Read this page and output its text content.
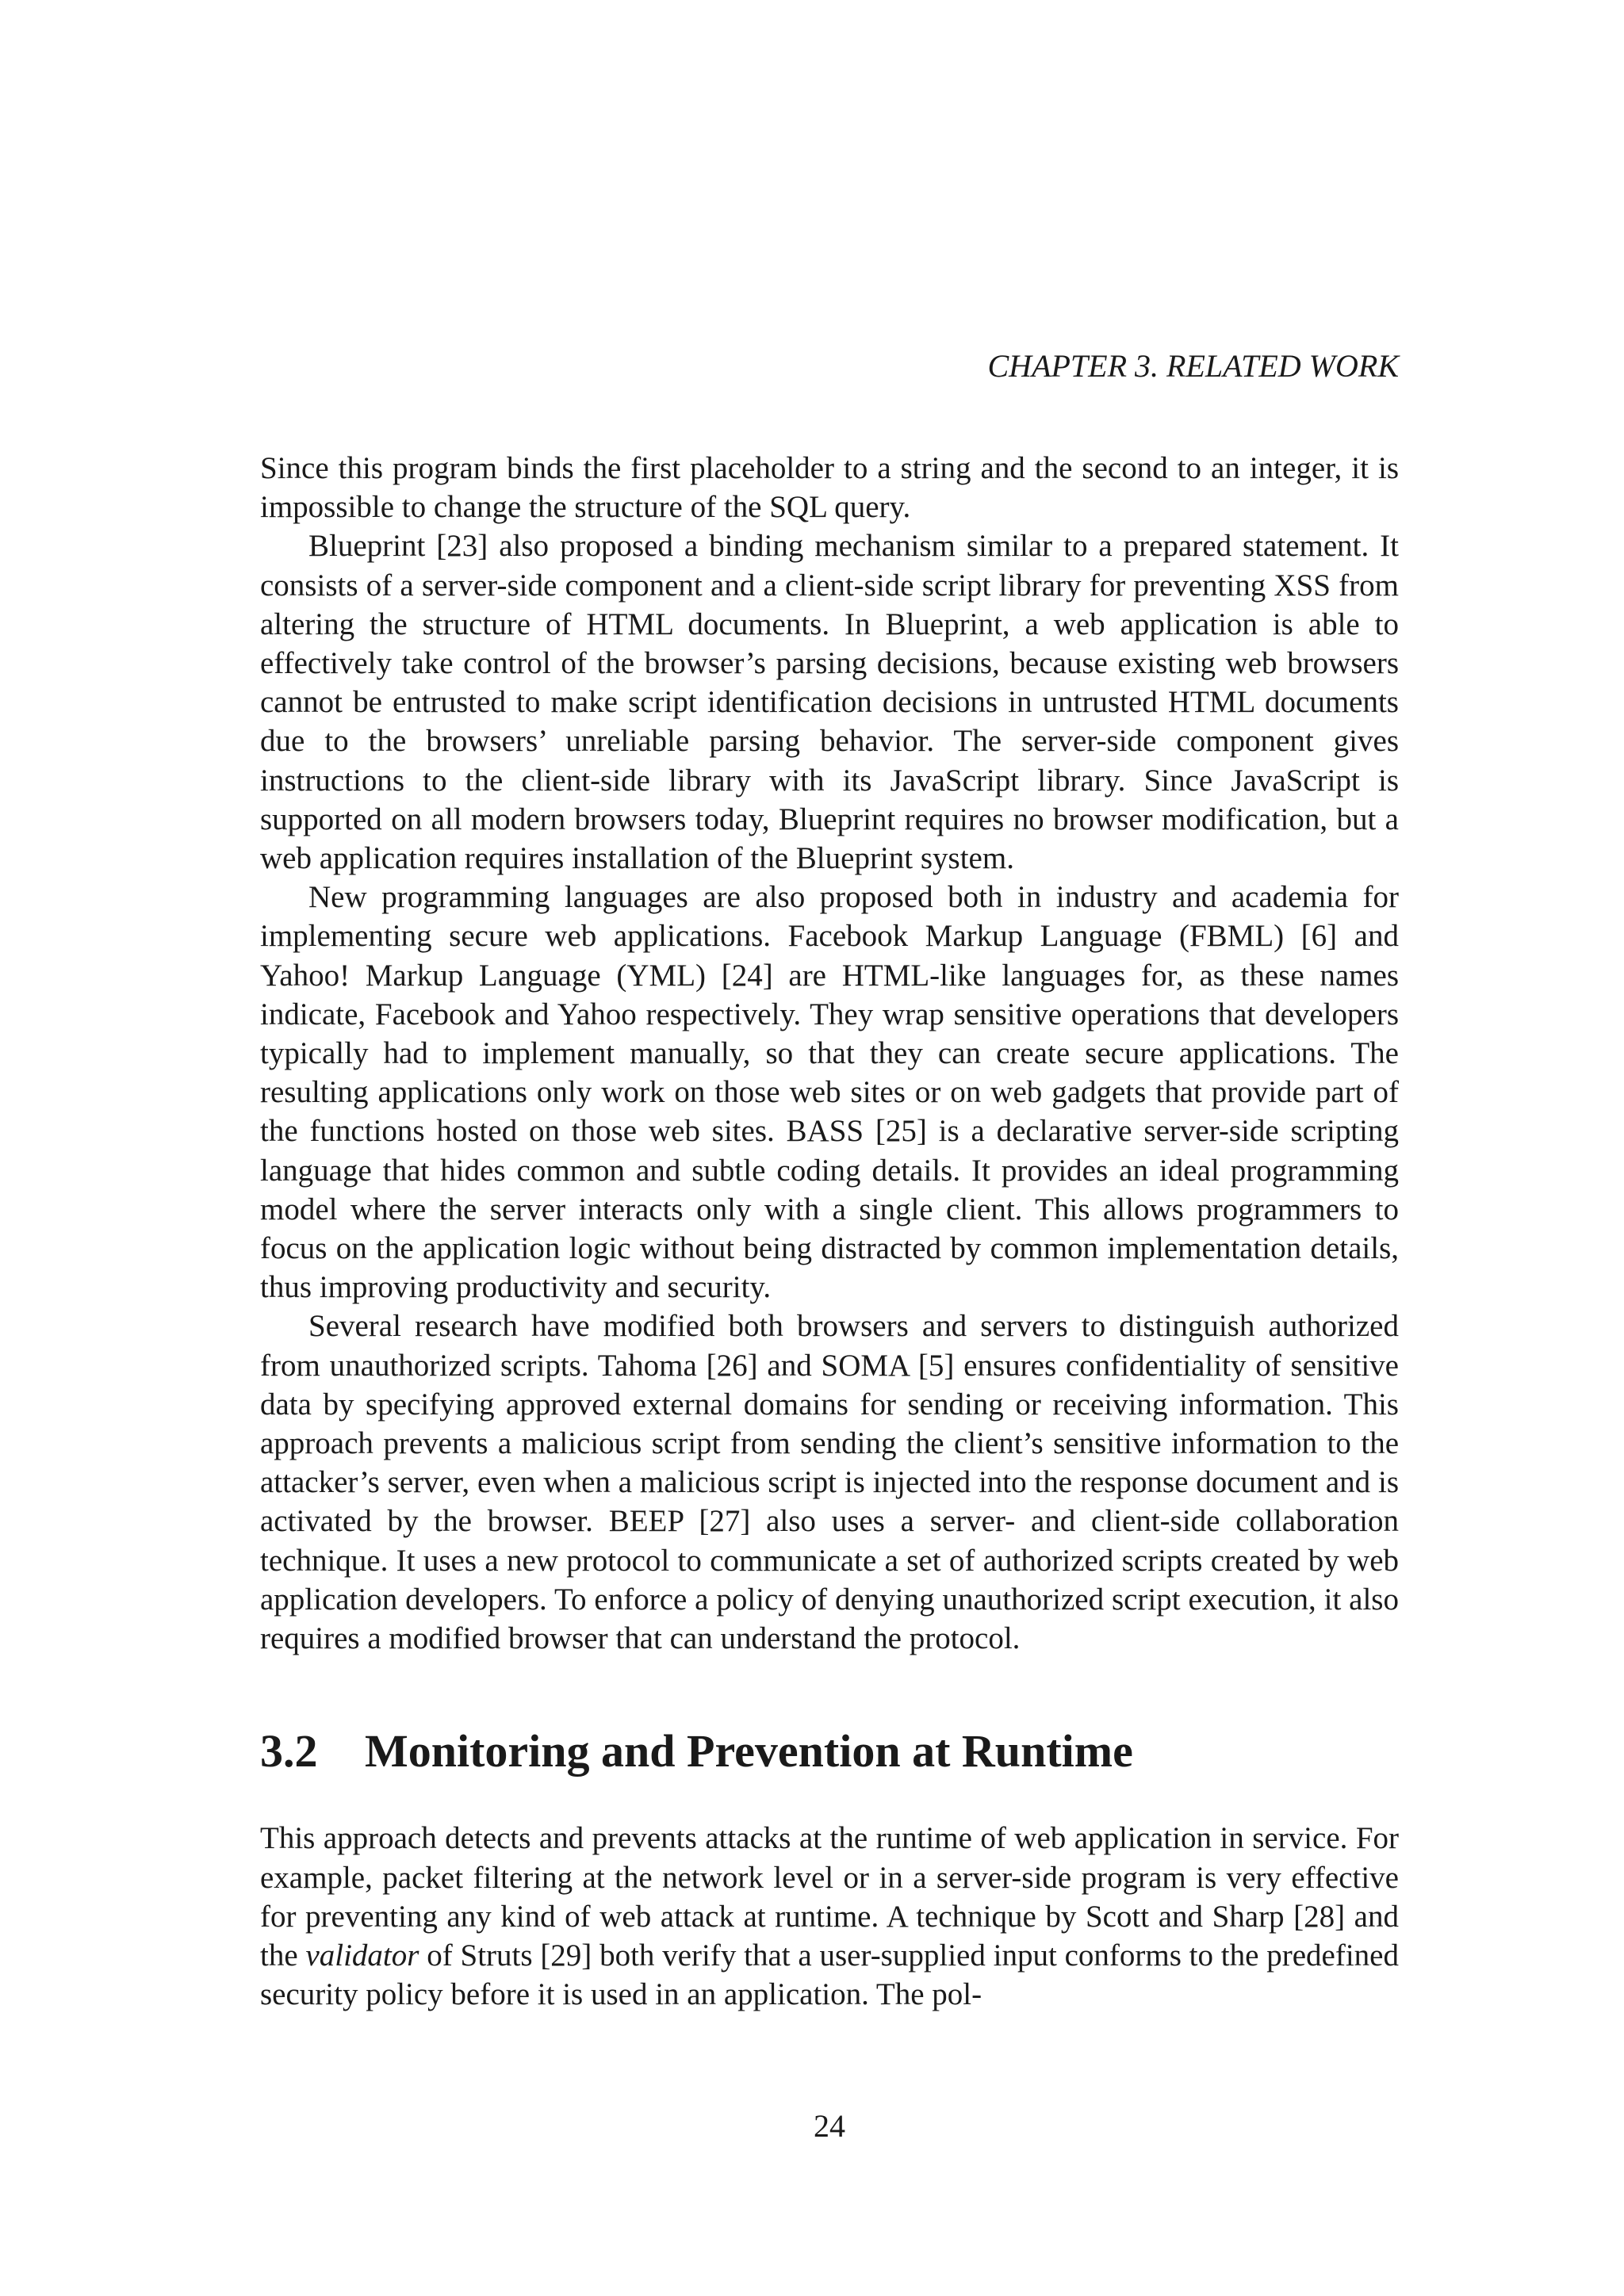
CHAPTER 3. RELATED WORK

Since this program binds the first placeholder to a string and the second to an integer, it is impossible to change the structure of the SQL query.

Blueprint [23] also proposed a binding mechanism similar to a prepared statement. It consists of a server-side component and a client-side script library for preventing XSS from altering the structure of HTML documents. In Blueprint, a web application is able to effectively take control of the browser’s parsing decisions, because existing web browsers cannot be entrusted to make script identification decisions in untrusted HTML documents due to the browsers’ unreliable parsing behavior. The server-side component gives instructions to the client-side library with its JavaScript library. Since JavaScript is supported on all modern browsers today, Blueprint requires no browser modification, but a web application requires installation of the Blueprint system.

New programming languages are also proposed both in industry and academia for implementing secure web applications. Facebook Markup Language (FBML) [6] and Yahoo! Markup Language (YML) [24] are HTML-like languages for, as these names indicate, Facebook and Yahoo respectively. They wrap sensitive operations that developers typically had to implement manually, so that they can create secure applications. The resulting applications only work on those web sites or on web gadgets that provide part of the functions hosted on those web sites. BASS [25] is a declarative server-side scripting language that hides common and subtle coding details. It provides an ideal programming model where the server interacts only with a single client. This allows programmers to focus on the application logic without being distracted by common implementation details, thus improving productivity and security.

Several research have modified both browsers and servers to distinguish authorized from unauthorized scripts. Tahoma [26] and SOMA [5] ensures confidentiality of sensitive data by specifying approved external domains for sending or receiving information. This approach prevents a malicious script from sending the client’s sensitive information to the attacker’s server, even when a malicious script is injected into the response document and is activated by the browser. BEEP [27] also uses a server- and client-side collaboration technique. It uses a new protocol to communicate a set of authorized scripts created by web application developers. To enforce a policy of denying unauthorized script execution, it also requires a modified browser that can understand the protocol.

3.2 Monitoring and Prevention at Runtime

This approach detects and prevents attacks at the runtime of web application in service. For example, packet filtering at the network level or in a server-side program is very effective for preventing any kind of web attack at runtime. A technique by Scott and Sharp [28] and the validator of Struts [29] both verify that a user-supplied input conforms to the predefined security policy before it is used in an application. The pol-

24
